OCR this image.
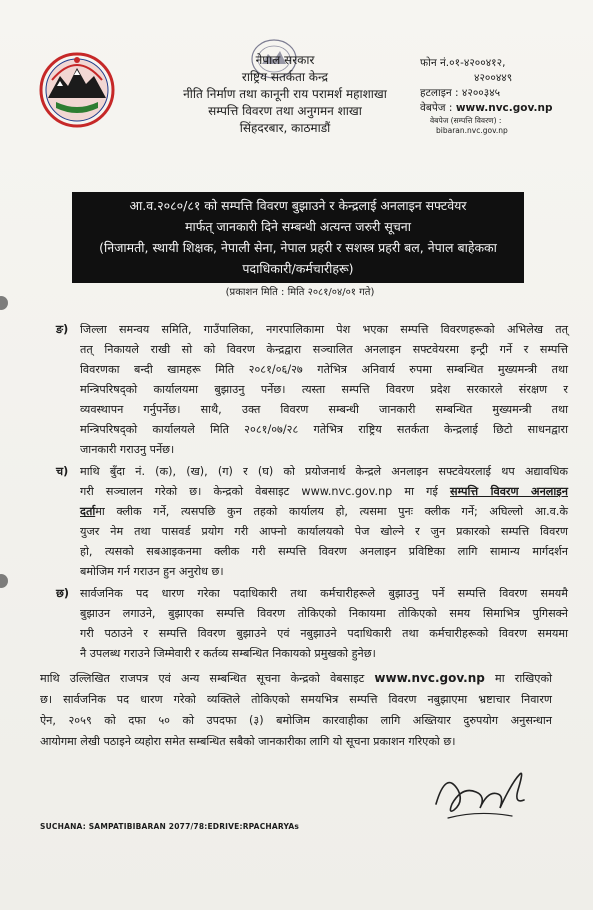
नेपाल सरकार
राष्ट्रिय सतर्कता केन्द्र
नीति निर्माण तथा कानूनी राय परामर्श महाशाखा
सम्पत्ति विवरण तथा अनुगमन शाखा
सिंहदरबार, काठमाडौं
फोन नं.०१-४२००४१२,
४२००४४९
हटलाइन : ४२००३४५
वेबपेज : www.nvc.gov.np
वेबपेज (सम्पत्ति विवरण) :
bibaran.nvc.gov.np
आ.व.२०८०/८१ को सम्पत्ति विवरण बुझाउने र केन्द्रलाई अनलाइन सफ्टवेयर
मार्फत् जानकारी दिने सम्बन्धी अत्यन्त जरुरी सूचना
(निजामती, स्थायी शिक्षक, नेपाली सेना, नेपाल प्रहरी र सशस्त्र प्रहरी बल, नेपाल बाहेकका
पदाधिकारी/कर्मचारीहरू)
(प्रकाशन मिति : मिति २०८१/०४/०१ गते)
ङ)	जिल्ला समन्वय समिति, गाउँपालिका, नगरपालिकामा पेश भएका सम्पत्ति विवरणहरूको अभिलेख तत्
तत् निकायले राखी सो को विवरण केन्द्रद्वारा सञ्चालित अनलाइन सफ्टवेयरमा इन्ट्री गर्ने र सम्पत्ति
विवरणका बन्दी खामहरू मिति २०८१/०६/२७ गतेभित्र अनिवार्य रुपमा सम्बन्धित मुख्यमन्त्री तथा
मन्त्रिपरिषद्को कार्यालयमा बुझाउनु पर्नेछ। त्यस्ता सम्पत्ति विवरण प्रदेश सरकारले संरक्षण र
व्यवस्थापन गर्नुपर्नेछ। साथै, उक्त विवरण सम्बन्धी जानकारी सम्बन्धित मुख्यमन्त्री तथा
मन्त्रिपरिषद्को कार्यालयले मिति २०८१/०७/२८ गतेभित्र राष्ट्रिय सतर्कता केन्द्रलाई छिटो साधनद्वारा
जानकारी गराउनु पर्नेछ।
च)	माथि बुँदा नं. (क), (ख), (ग) र (घ) को प्रयोजनार्थ केन्द्रले अनलाइन सफ्टवेयरलाई थप अद्यावधिक
गरी सञ्चालन गरेको छ। केन्द्रको वेबसाइट www.nvc.gov.np मा गई सम्पत्ति विवरण अनलाइन
दर्तामा क्लीक गर्ने, त्यसपछि कुन तहको कार्यालय हो, त्यसमा पुनः क्लीक गर्ने; अघिल्लो आ.व.के
युजर नेम तथा पासवर्ड प्रयोग गरी आफ्नो कार्यालयको पेज खोल्ने र जुन प्रकारको सम्पत्ति विवरण
हो, त्यसको सबआइकनमा क्लीक गरी सम्पत्ति विवरण अनलाइन प्रविष्टिका लागि सामान्य मार्गदर्शन
बमोजिम गर्न गराउन हुन अनुरोध छ।
छ) सार्वजनिक पद धारण गरेका पदाधिकारी तथा कर्मचारीहरूले बुझाउनु पर्ने सम्पत्ति विवरण समयमै
बुझाउन लगाउने, बुझाएका सम्पत्ति विवरण तोकिएको निकायमा तोकिएको समय सिमाभित्र पुगिसक्ने
गरी पठाउने र सम्पत्ति विवरण बुझाउने एवं नबुझाउने पदाधिकारी तथा कर्मचारीहरूको विवरण समयमा
नै उपलब्ध गराउने जिम्मेवारी र कर्तव्य सम्बन्धित निकायको प्रमुखको हुनेछ।
माथि उल्लिखित राजपत्र एवं अन्य सम्बन्धित सूचना केन्द्रको वेबसाइट www.nvc.gov.np मा राखिएको
छ। सार्वजनिक पद धारण गरेको व्यक्तिले तोकिएको समयभित्र सम्पत्ति विवरण नबुझाएमा भ्रष्टाचार निवारण
ऐन, २०५९ को दफा ५० को उपदफा (३) बमोजिम कारवाहीका लागि अख्तियार दुरुपयोग अनुसन्धान
आयोगमा लेखी पठाइने व्यहोरा समेत सम्बन्धित सबैको जानकारीका लागि यो सूचना प्रकाशन गरिएको छ।
SUCHANA: SAMPATIBIBARAN 2077/78:EDRIVE:RPACHARYAs
